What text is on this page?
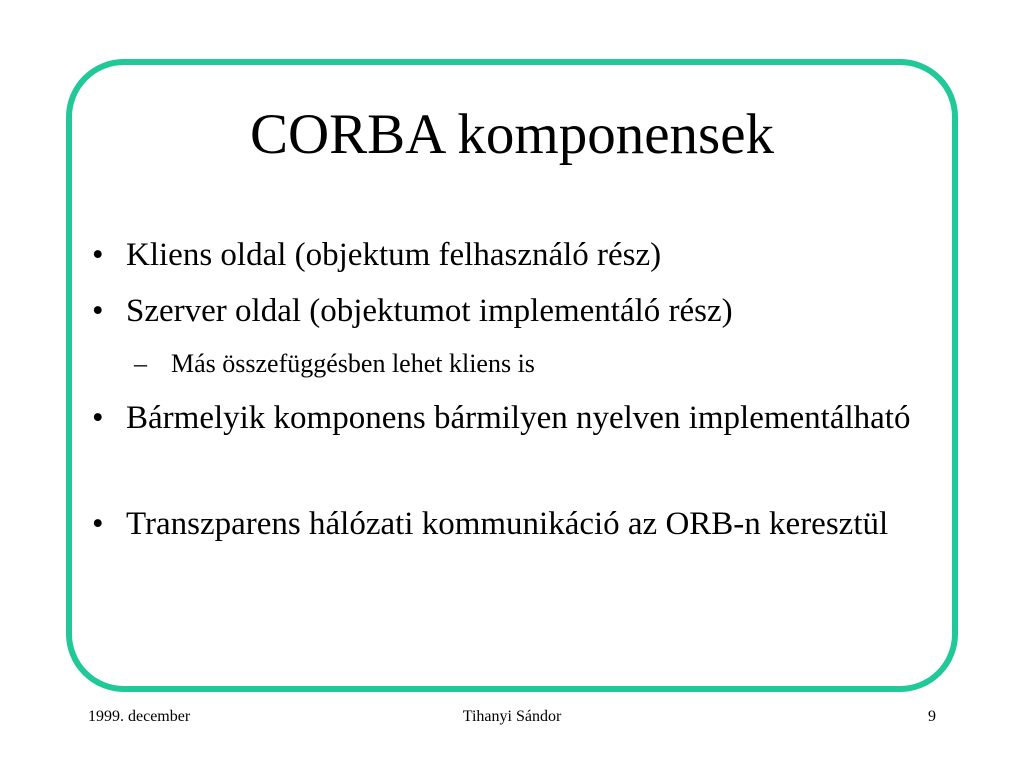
CORBA komponensek
• Kliens oldal (objektum felhasználó rész)
• Szerver oldal (objektumot implementáló rész)
– Más összefüggésben lehet kliens is
• Bármelyik komponens bármilyen nyelven implementálható
• Transzparens hálózati kommunikáció az ORB-n keresztül
1999. december	Tihanyi Sándor	9
